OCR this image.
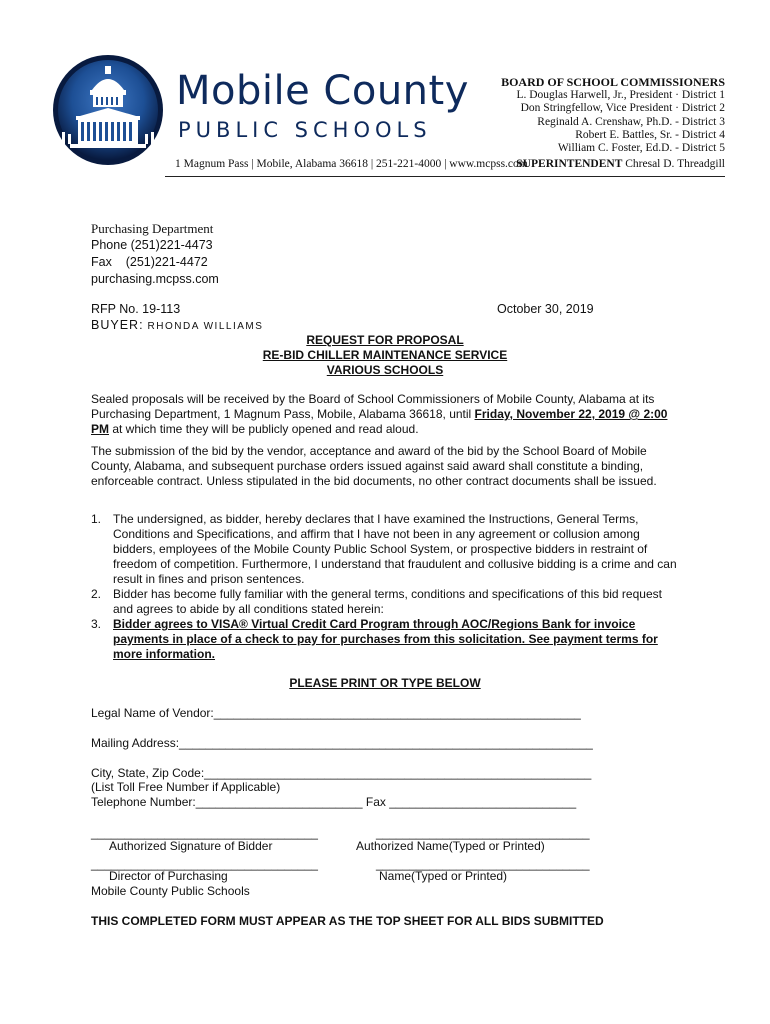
Mobile County
PUBLIC SCHOOLS
1 Magnum Pass | Mobile, Alabama 36618 | 251-221-4000 | www.mcpss.com
BOARD OF SCHOOL COMMISSIONERS
L. Douglas Harwell, Jr., President · District 1
Don Stringfellow, Vice President · District 2
Reginald A. Crenshaw, Ph.D. - District 3
Robert E. Battles, Sr. - District 4
William C. Foster, Ed.D. - District 5
SUPERINTENDENT Chresal D. Threadgill
Purchasing Department
Phone (251)221-4473
Fax    (251)221-4472
purchasing.mcpss.com
RFP No. 19-113	October 30, 2019
BUYER: RHONDA WILLIAMS
REQUEST FOR PROPOSAL
RE-BID CHILLER MAINTENANCE SERVICE
VARIOUS SCHOOLS
Sealed proposals will be received by the Board of School Commissioners of Mobile County, Alabama at its Purchasing Department, 1 Magnum Pass, Mobile, Alabama 36618, until Friday, November 22, 2019 @ 2:00 PM at which time they will be publicly opened and read aloud.
The submission of the bid by the vendor, acceptance and award of the bid by the School Board of Mobile County, Alabama, and subsequent purchase orders issued against said award shall constitute a binding, enforceable contract. Unless stipulated in the bid documents, no other contract documents shall be issued.
1. The undersigned, as bidder, hereby declares that I have examined the Instructions, General Terms, Conditions and Specifications, and affirm that I have not been in any agreement or collusion among bidders, employees of the Mobile County Public School System, or prospective bidders in restraint of freedom of competition. Furthermore, I understand that fraudulent and collusive bidding is a crime and can result in fines and prison sentences.
2. Bidder has become fully familiar with the general terms, conditions and specifications of this bid request and agrees to abide by all conditions stated herein:
3. Bidder agrees to VISA® Virtual Credit Card Program through AOC/Regions Bank for invoice payments in place of a check to pay for purchases from this solicitation. See payment terms for more information.
PLEASE PRINT OR TYPE BELOW
Legal Name of Vendor:_______________________________________________________
Mailing Address:______________________________________________________________
City, State, Zip Code:__________________________________________________________
(List Toll Free Number if Applicable)
Telephone Number:_________________________ Fax ____________________________
__________________________________	________________________________
Authorized Signature of Bidder	Authorized Name(Typed or Printed)
__________________________________	________________________________
Director of Purchasing	Name(Typed or Printed)
Mobile County Public Schools
THIS COMPLETED FORM MUST APPEAR AS THE TOP SHEET FOR ALL BIDS SUBMITTED
